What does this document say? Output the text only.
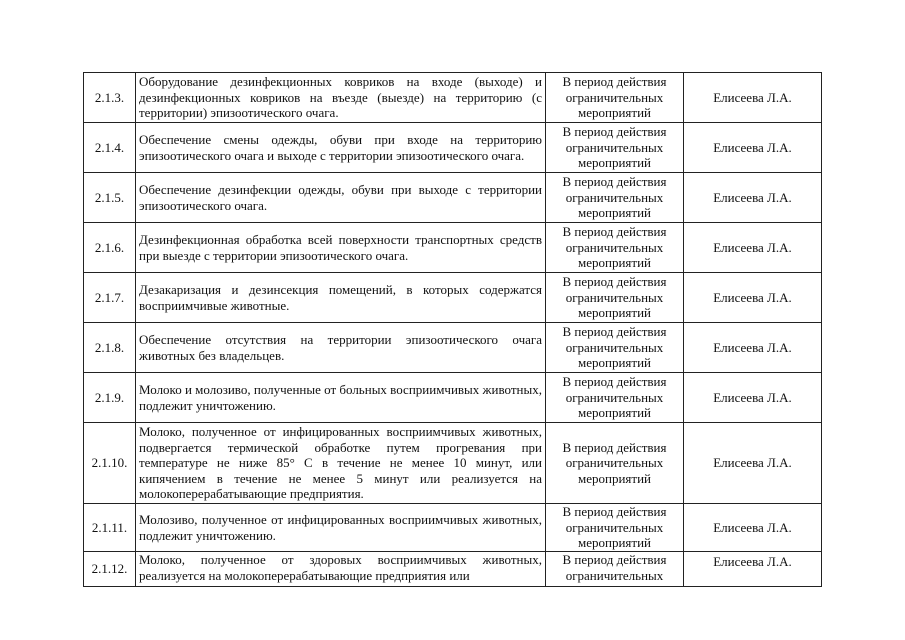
2.1.3.	Оборудование дезинфекционных ковриков на входе (выходе) и дезинфекционных ковриков на въезде (выезде) на территорию (с территории) эпизоотического очага.	В период действия ограничительных мероприятий	Елисеева Л.А.
2.1.4.	Обеспечение смены одежды, обуви при входе на территорию эпизоотического очага и выходе с территории эпизоотического очага.	В период действия ограничительных мероприятий	Елисеева Л.А.
2.1.5.	Обеспечение дезинфекции одежды, обуви при выходе с территории эпизоотического очага.	В период действия ограничительных мероприятий	Елисеева Л.А.
2.1.6.	Дезинфекционная обработка всей поверхности транспортных средств при выезде с территории эпизоотического очага.	В период действия ограничительных мероприятий	Елисеева Л.А.
2.1.7.	Дезакаризация и дезинсекция помещений, в которых содержатся восприимчивые животные.	В период действия ограничительных мероприятий	Елисеева Л.А.
2.1.8.	Обеспечение отсутствия на территории эпизоотического очага животных без владельцев.	В период действия ограничительных мероприятий	Елисеева Л.А.
2.1.9.	Молоко и молозиво, полученные от больных восприимчивых животных, подлежит уничтожению.	В период действия ограничительных мероприятий	Елисеева Л.А.
2.1.10.	Молоко, полученное от инфицированных восприимчивых животных, подвергается термической обработке путем прогревания при температуре не ниже 85° С в течение не менее 10 минут, или кипячением в течение не менее 5 минут или реализуется на молокоперерабатывающие предприятия.	В период действия ограничительных мероприятий	Елисеева Л.А.
2.1.11.	Молозиво, полученное от инфицированных восприимчивых животных, подлежит уничтожению.	В период действия ограничительных мероприятий	Елисеева Л.А.
2.1.12.	Молоко, полученное от здоровых восприимчивых животных, реализуется на молокоперерабатывающие предприятия или	В период действия ограничительных	Елисеева Л.А.
